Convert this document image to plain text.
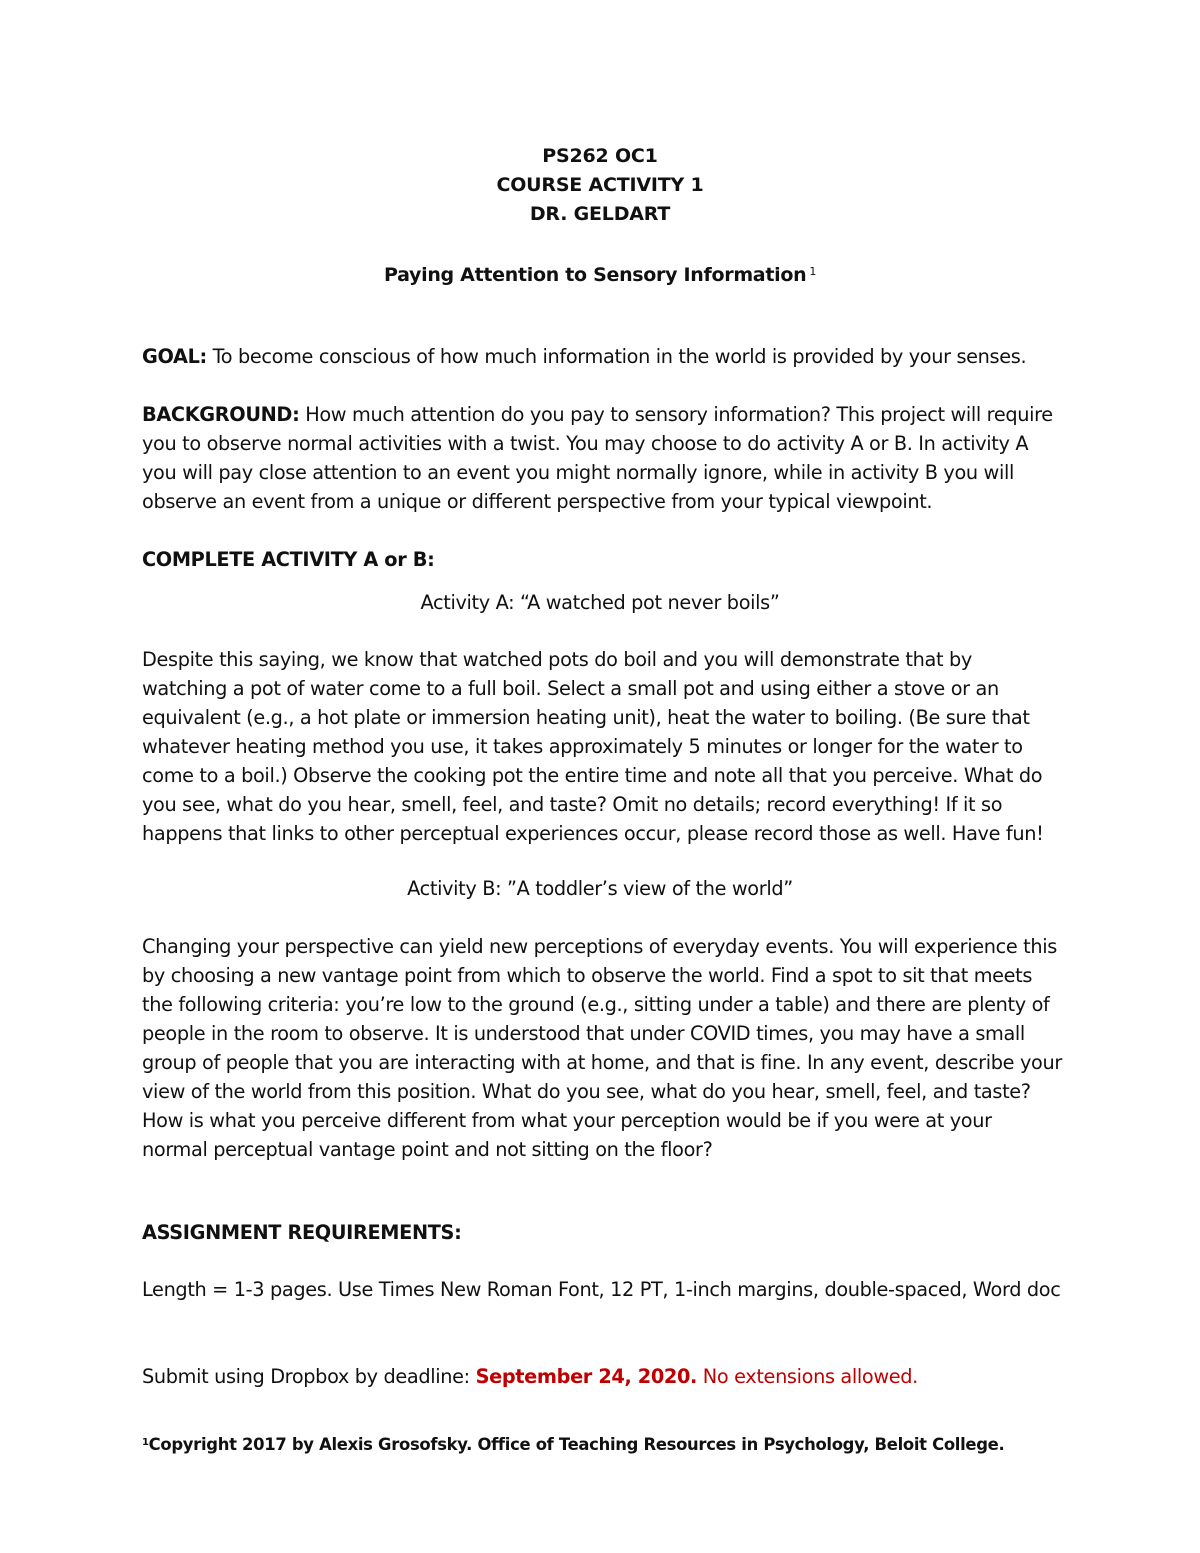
PS262 OC1
COURSE ACTIVITY 1
DR. GELDART
Paying Attention to Sensory Information $^1$
GOAL: To become conscious of how much information in the world is provided by your senses.
BACKGROUND: How much attention do you pay to sensory information? This project will require you to observe normal activities with a twist. You may choose to do activity A or B. In activity A you will pay close attention to an event you might normally ignore, while in activity B you will observe an event from a unique or different perspective from your typical viewpoint.
COMPLETE ACTIVITY A or B:
Activity A: “A watched pot never boils”
Despite this saying, we know that watched pots do boil and you will demonstrate that by watching a pot of water come to a full boil. Select a small pot and using either a stove or an equivalent (e.g., a hot plate or immersion heating unit), heat the water to boiling. (Be sure that whatever heating method you use, it takes approximately 5 minutes or longer for the water to come to a boil.) Observe the cooking pot the entire time and note all that you perceive. What do you see, what do you hear, smell, feel, and taste? Omit no details; record everything! If it so happens that links to other perceptual experiences occur, please record those as well. Have fun!
Activity B: ”A toddler’s view of the world”
Changing your perspective can yield new perceptions of everyday events. You will experience this by choosing a new vantage point from which to observe the world. Find a spot to sit that meets the following criteria: you’re low to the ground (e.g., sitting under a table) and there are plenty of people in the room to observe. It is understood that under COVID times, you may have a small group of people that you are interacting with at home, and that is fine. In any event, describe your view of the world from this position. What do you see, what do you hear, smell, feel, and taste? How is what you perceive different from what your perception would be if you were at your normal perceptual vantage point and not sitting on the floor?
ASSIGNMENT REQUIREMENTS:
Length = 1-3 pages. Use Times New Roman Font, 12 PT, 1-inch margins, double-spaced, Word doc
Submit using Dropbox by deadline: September 24, 2020. No extensions allowed.
$^1$Copyright 2017 by Alexis Grosofsky. Office of Teaching Resources in Psychology, Beloit College.
